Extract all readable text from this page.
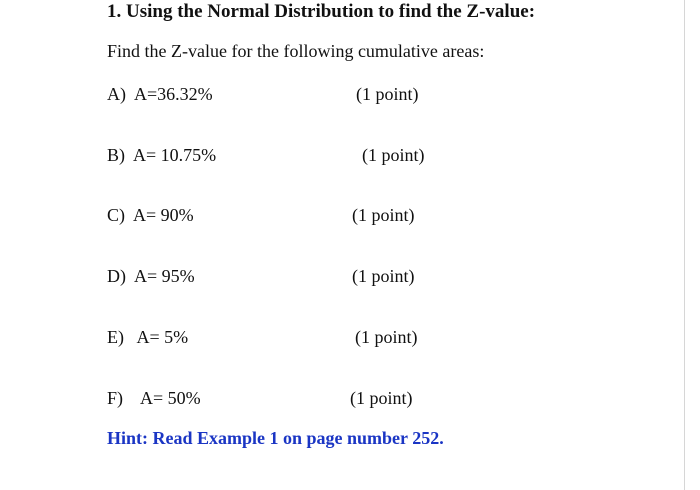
1. Using the Normal Distribution to find the Z-value:
Find the Z-value for the following cumulative areas:
A)  A=36.32%	(1 point)
B)  A= 10.75%	(1 point)
C)  A= 90%	(1 point)
D)  A= 95%	(1 point)
E)   A= 5%	(1 point)
F)    A= 50%	(1 point)
Hint: Read Example 1 on page number 252.
